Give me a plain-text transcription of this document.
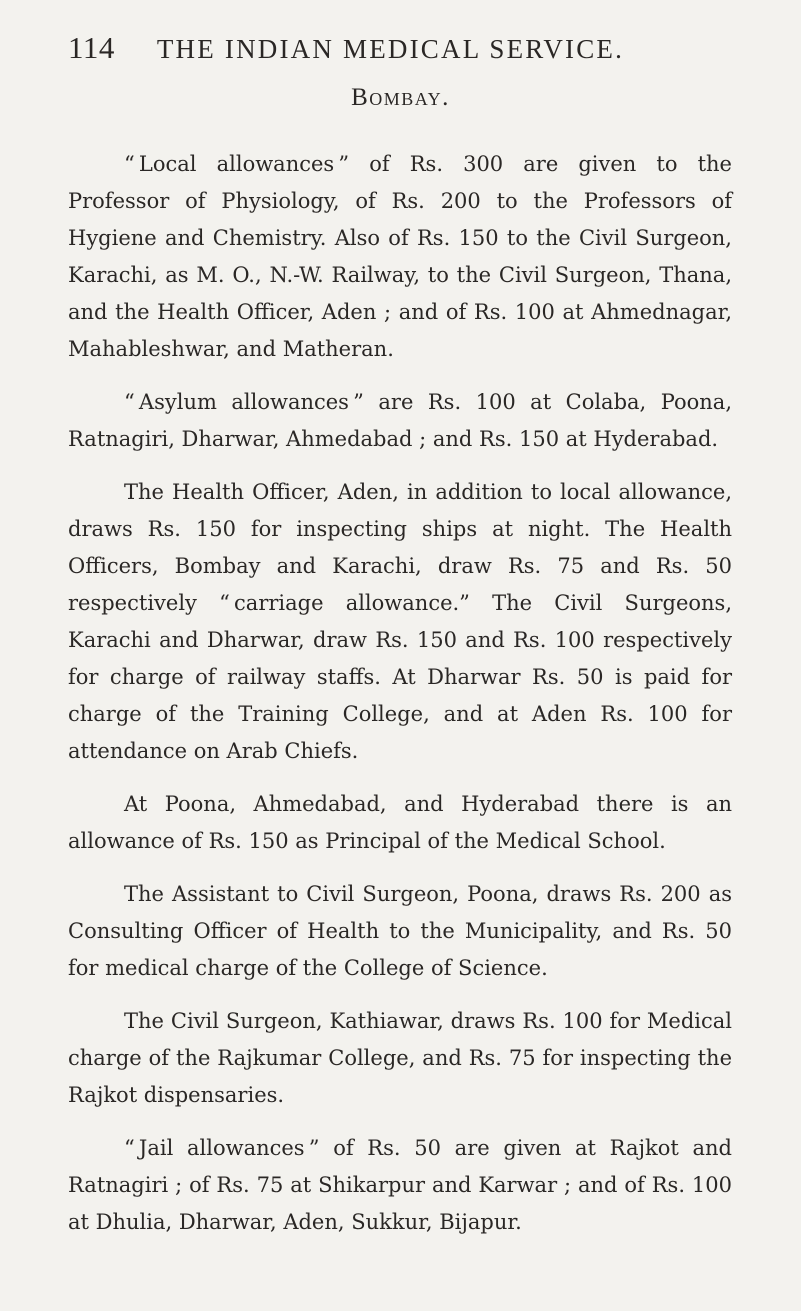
114 THE INDIAN MEDICAL SERVICE.
Bombay.

“ Local allowances ” of Rs. 300 are given to the Professor of Physiology, of Rs. 200 to the Professors of Hygiene and Chemistry. Also of Rs. 150 to the Civil Surgeon, Karachi, as M. O., N.-W. Railway, to the Civil Surgeon, Thana, and the Health Officer, Aden ; and of Rs. 100 at Ahmednagar, Mahableshwar, and Matheran.

“ Asylum allowances ” are Rs. 100 at Colaba, Poona, Ratnagiri, Dharwar, Ahmedabad ; and Rs. 150 at Hyderabad.

The Health Officer, Aden, in addition to local allowance, draws Rs. 150 for inspecting ships at night. The Health Officers, Bombay and Karachi, draw Rs. 75 and Rs. 50 respectively “ carriage allowance.” The Civil Surgeons, Karachi and Dharwar, draw Rs. 150 and Rs. 100 respectively for charge of railway staffs. At Dharwar Rs. 50 is paid for charge of the Training College, and at Aden Rs. 100 for attendance on Arab Chiefs.

At Poona, Ahmedabad, and Hyderabad there is an allowance of Rs. 150 as Principal of the Medical School.

The Assistant to Civil Surgeon, Poona, draws Rs. 200 as Consulting Officer of Health to the Municipality, and Rs. 50 for medical charge of the College of Science.

The Civil Surgeon, Kathiawar, draws Rs. 100 for Medical charge of the Rajkumar College, and Rs. 75 for inspecting the Rajkot dispensaries.

“ Jail allowances ” of Rs. 50 are given at Rajkot and Ratnagiri ; of Rs. 75 at Shikarpur and Karwar ; and of Rs. 100 at Dhulia, Dharwar, Aden, Sukkur, Bijapur.
